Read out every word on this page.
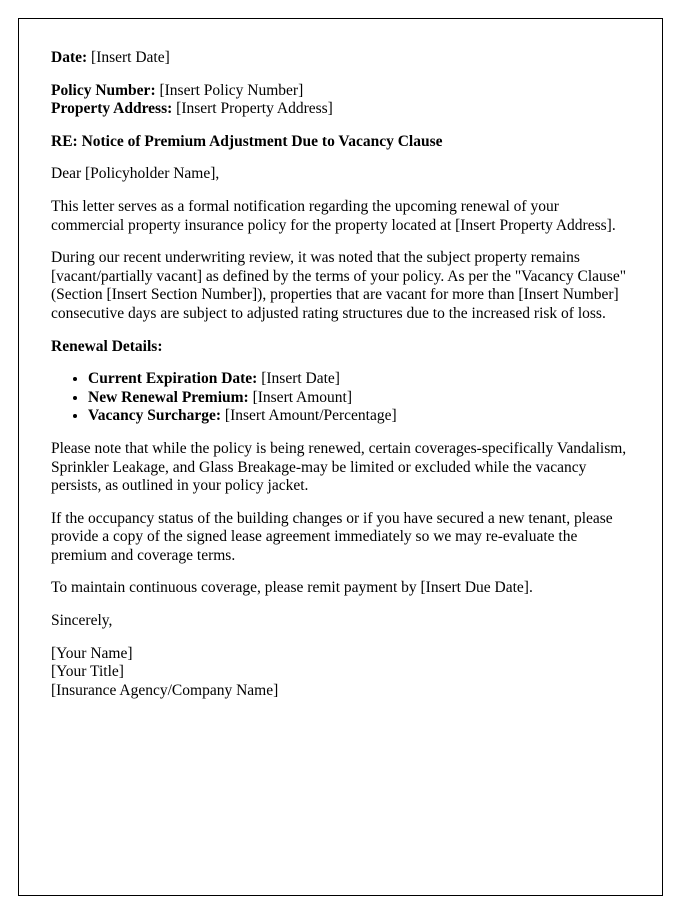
Date: [Insert Date]

Policy Number: [Insert Policy Number]
Property Address: [Insert Property Address]

RE: Notice of Premium Adjustment Due to Vacancy Clause

Dear [Policyholder Name],

This letter serves as a formal notification regarding the upcoming renewal of your commercial property insurance policy for the property located at [Insert Property Address].

During our recent underwriting review, it was noted that the subject property remains [vacant/partially vacant] as defined by the terms of your policy. As per the "Vacancy Clause" (Section [Insert Section Number]), properties that are vacant for more than [Insert Number] consecutive days are subject to adjusted rating structures due to the increased risk of loss.

Renewal Details:

• Current Expiration Date: [Insert Date]
• New Renewal Premium: [Insert Amount]
• Vacancy Surcharge: [Insert Amount/Percentage]

Please note that while the policy is being renewed, certain coverages-specifically Vandalism, Sprinkler Leakage, and Glass Breakage-may be limited or excluded while the vacancy persists, as outlined in your policy jacket.

If the occupancy status of the building changes or if you have secured a new tenant, please provide a copy of the signed lease agreement immediately so we may re-evaluate the premium and coverage terms.

To maintain continuous coverage, please remit payment by [Insert Due Date].

Sincerely,

[Your Name]
[Your Title]
[Insurance Agency/Company Name]
